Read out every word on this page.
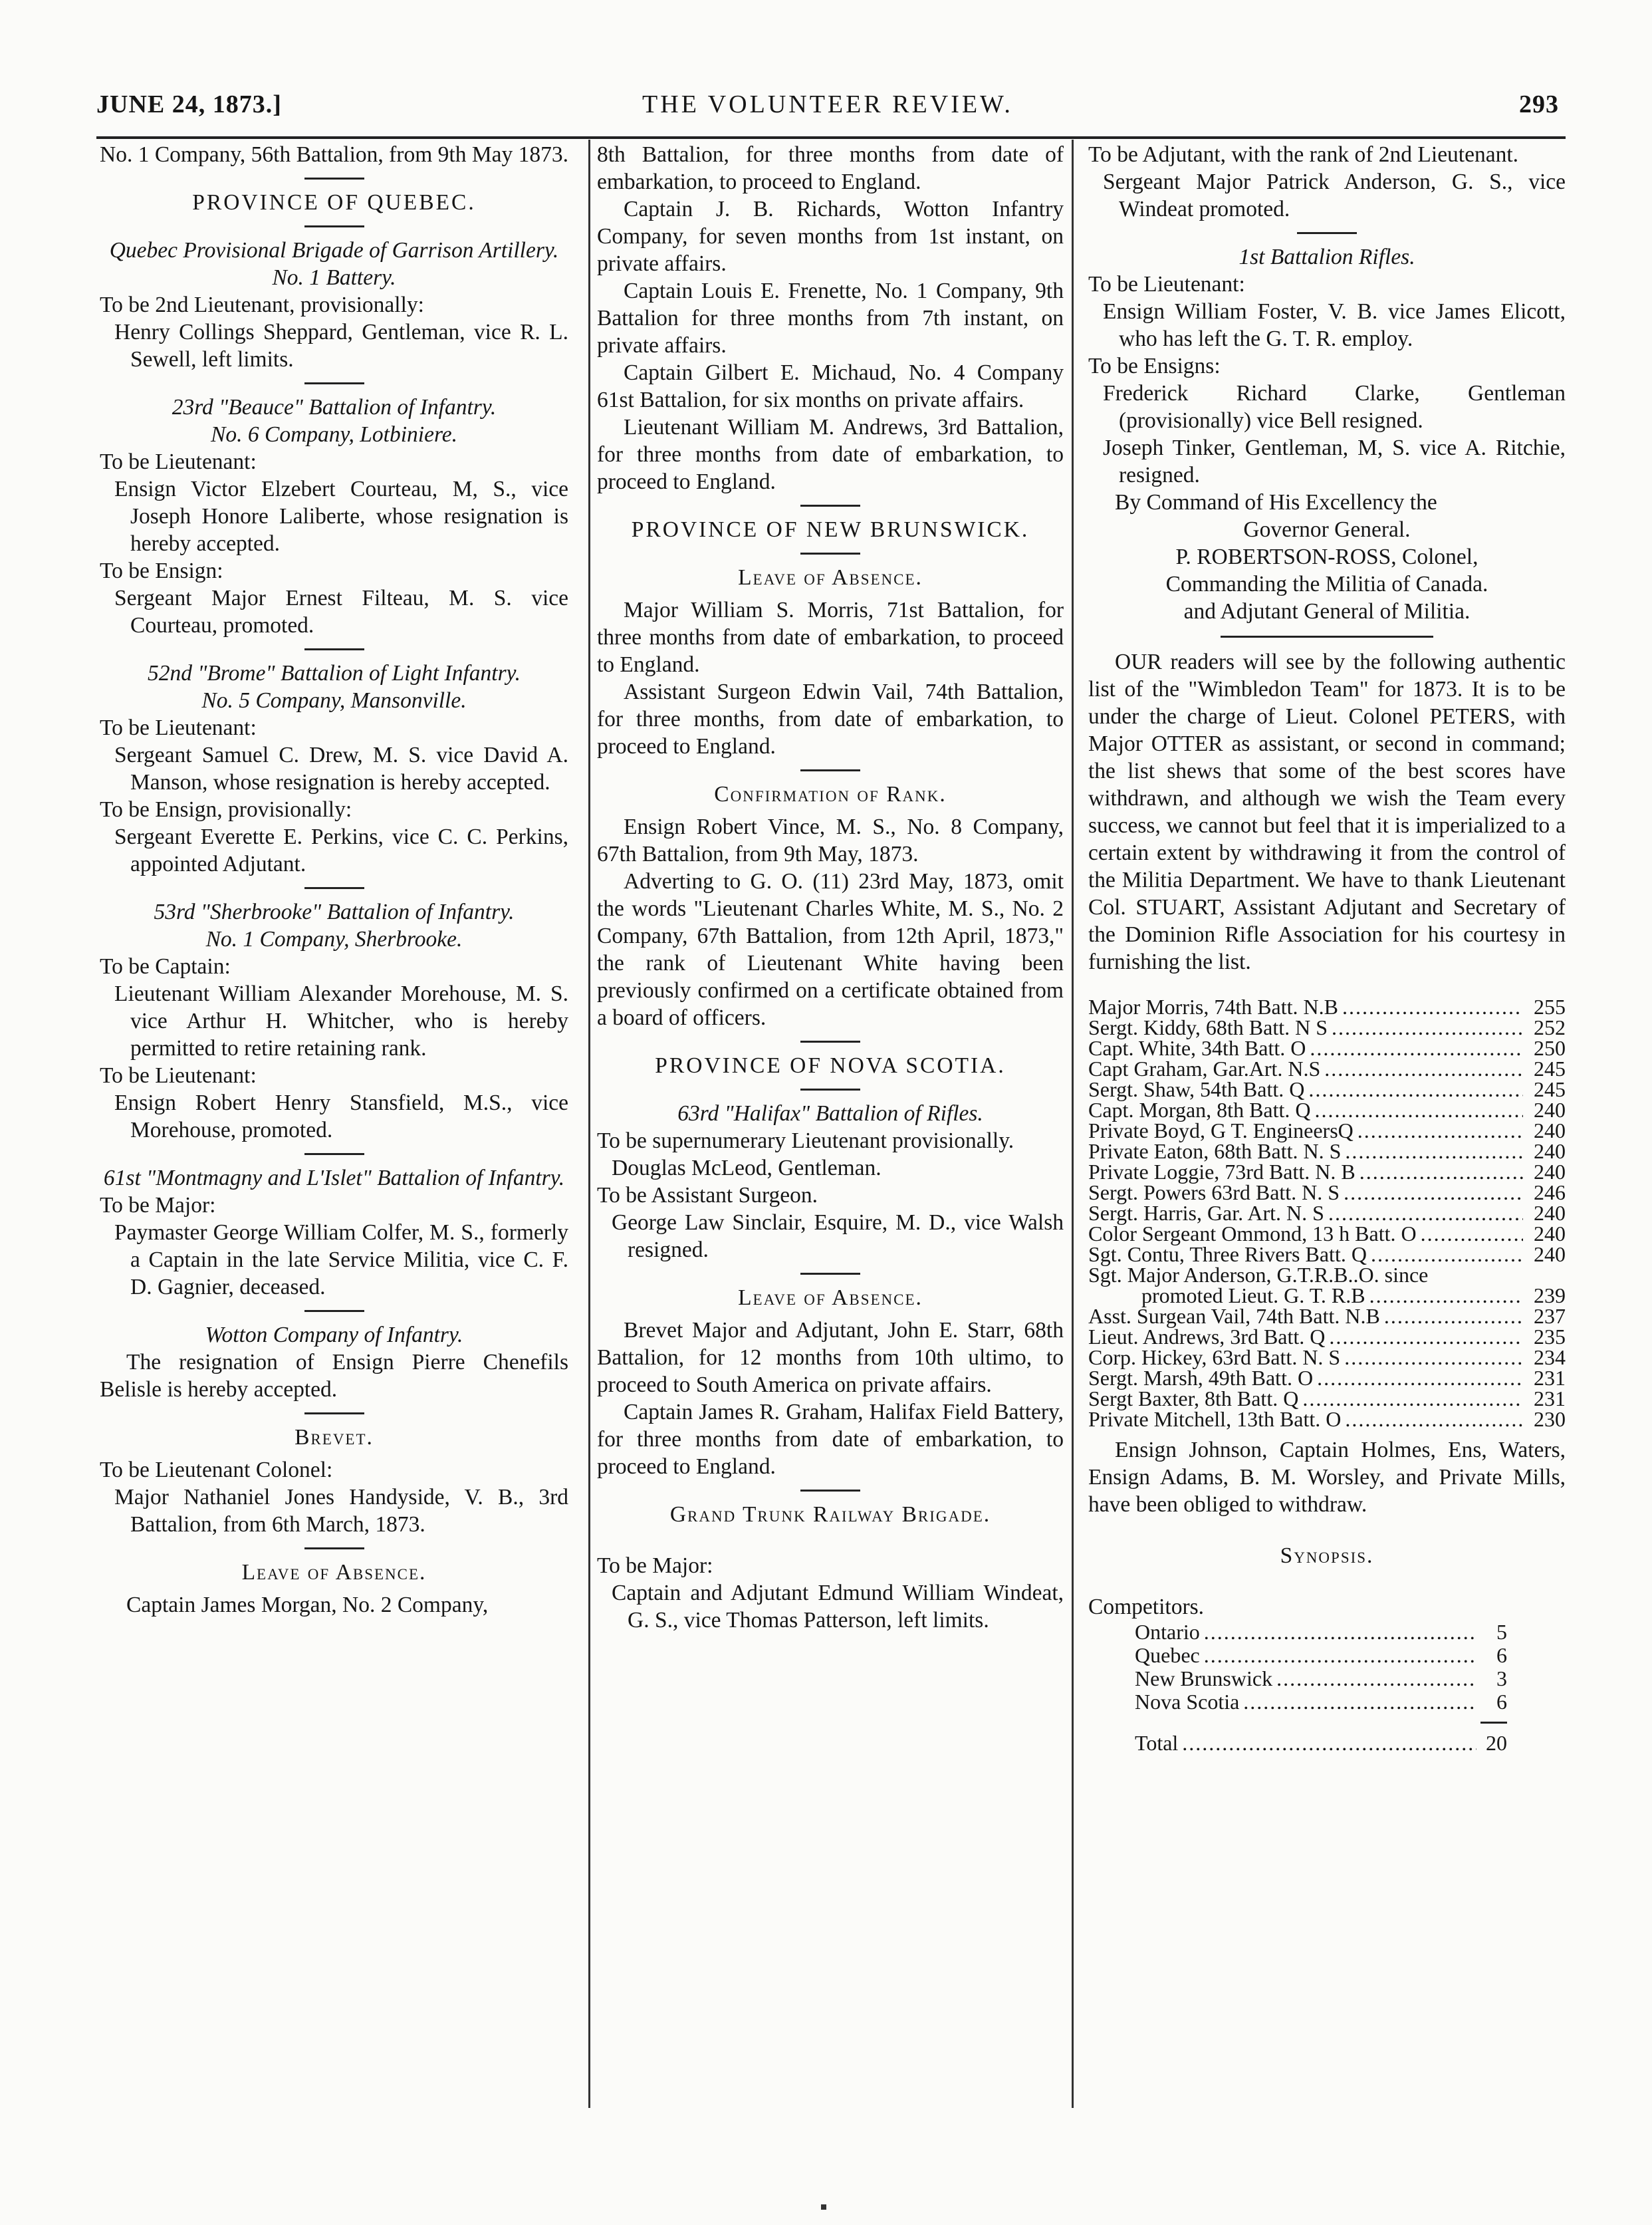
JUNE 24, 1873.]	THE VOLUNTEER REVIEW.	293

No. 1 Company, 56th Battalion, from 9th May 1873.

PROVINCE OF QUEBEC.

Quebec Provisional Brigade of Garrison Artillery.

No. 1 Battery.

To be 2nd Lieutenant, provisionally:

Henry Collings Sheppard, Gentleman, vice R. L. Sewell, left limits.

23rd "Beauce" Battalion of Infantry.

No. 6 Company, Lotbiniere.

To be Lieutenant:

Ensign Victor Elzebert Courteau, M, S., vice Joseph Honore Laliberte, whose resignation is hereby accepted.

To be Ensign:

Sergeant Major Ernest Filteau, M. S. vice Courteau, promoted.

52nd "Brome" Battalion of Light Infantry.

No. 5 Company, Mansonville.

To be Lieutenant:

Sergeant Samuel C. Drew, M. S. vice David A. Manson, whose resignation is hereby accepted.

To be Ensign, provisionally:

Sergeant Everette E. Perkins, vice C. C. Perkins, appointed Adjutant.

53rd "Sherbrooke" Battalion of Infantry.

No. 1 Company, Sherbrooke.

To be Captain:

Lieutenant William Alexander Morehouse, M. S. vice Arthur H. Whitcher, who is hereby permitted to retire retaining rank.

To be Lieutenant:

Ensign Robert Henry Stansfield, M.S., vice Morehouse, promoted.

61st "Montmagny and L'Islet" Battalion of Infantry.

To be Major:

Paymaster George William Colfer, M. S., formerly a Captain in the late Service Militia, vice C. F. D. Gagnier, deceased.

Wotton Company of Infantry.

The resignation of Ensign Pierre Chenefils Belisle is hereby accepted.

Brevet.

To be Lieutenant Colonel:

Major Nathaniel Jones Handyside, V. B., 3rd Battalion, from 6th March, 1873.

Leave of Absence.

Captain James Morgan, No. 2 Company,

8th Battalion, for three months from date of embarkation, to proceed to England.

Captain J. B. Richards, Wotton Infantry Company, for seven months from 1st instant, on private affairs.

Captain Louis E. Frenette, No. 1 Company, 9th Battalion for three months from 7th instant, on private affairs.

Captain Gilbert E. Michaud, No. 4 Company 61st Battalion, for six months on private affairs.

Lieutenant William M. Andrews, 3rd Battalion, for three months from date of embarkation, to proceed to England.

PROVINCE OF NEW BRUNSWICK.

Leave of Absence.

Major William S. Morris, 71st Battalion, for three months from date of embarkation, to proceed to England.

Assistant Surgeon Edwin Vail, 74th Battalion, for three months, from date of embarkation, to proceed to England.

Confirmation of Rank.

Ensign Robert Vince, M. S., No. 8 Company, 67th Battalion, from 9th May, 1873.

Adverting to G. O. (11) 23rd May, 1873, omit the words "Lieutenant Charles White, M. S., No. 2 Company, 67th Battalion, from 12th April, 1873," the rank of Lieutenant White having been previously confirmed on a certificate obtained from a board of officers.

PROVINCE OF NOVA SCOTIA.

63rd "Halifax" Battalion of Rifles.

To be supernumerary Lieutenant provisionally.

Douglas McLeod, Gentleman.

To be Assistant Surgeon.

George Law Sinclair, Esquire, M. D., vice Walsh resigned.

Leave of Absence.

Brevet Major and Adjutant, John E. Starr, 68th Battalion, for 12 months from 10th ultimo, to proceed to South America on private affairs.

Captain James R. Graham, Halifax Field Battery, for three months from date of embarkation, to proceed to England.

Grand Trunk Railway Brigade.

To be Major:

Captain and Adjutant Edmund William Windeat, G. S., vice Thomas Patterson, left limits.

To be Adjutant, with the rank of 2nd Lieutenant.

Sergeant Major Patrick Anderson, G. S., vice Windeat promoted.

1st Battalion Rifles.

To be Lieutenant:

Ensign William Foster, V. B. vice James Elicott, who has left the G. T. R. employ.

To be Ensigns:

Frederick Richard Clarke, Gentleman (provisionally) vice Bell resigned.

Joseph Tinker, Gentleman, M, S. vice A. Ritchie, resigned.

By Command of His Excellency the

Governor General.

P. ROBERTSON-ROSS, Colonel,

Commanding the Militia of Canada.

and Adjutant General of Militia.

OUR readers will see by the following authentic list of the "Wimbledon Team" for 1873. It is to be under the charge of Lieut. Colonel PETERS, with Major OTTER as assistant, or second in command; the list shews that some of the best scores have withdrawn, and although we wish the Team every success, we cannot but feel that it is imperialized to a certain extent by withdrawing it from the control of the Militia Department. We have to thank Lieutenant Col. STUART, Assistant Adjutant and Secretary of the Dominion Rifle Association for his courtesy in furnishing the list.

Major Morris, 74th Batt. N.B .....	255
Sergt. Kiddy, 68th Batt. N S .....	252
Capt. White, 34th Batt. O .....	250
Capt Graham, Gar.Art. N.S .....	245
Sergt. Shaw, 54th Batt. Q .....	245
Capt. Morgan, 8th Batt. Q .....	240
Private Boyd, G T. EngineersQ .....	240
Private Eaton, 68th Batt. N. S .....	240
Private Loggie, 73rd Batt. N. B .....	240
Sergt. Powers 63rd Batt. N. S .....	246
Sergt. Harris, Gar. Art. N. S .....	240
Color Sergeant Ommond, 13 h Batt. O .....	240
Sgt. Contu, Three Rivers Batt. Q .....	240
Sgt. Major Anderson, G.T.R.B..O. since
promoted Lieut. G. T. R.B .....	239
Asst. Surgean Vail, 74th Batt. N.B .....	237
Lieut. Andrews, 3rd Batt. Q .....	235
Corp. Hickey, 63rd Batt. N. S .....	234
Sergt. Marsh, 49th Batt. O .....	231
Sergt Baxter, 8th Batt. Q .....	231
Private Mitchell, 13th Batt. O .....	230

Ensign Johnson, Captain Holmes, Ens, Waters, Ensign Adams, B. M. Worsley, and Private Mills, have been obliged to withdraw.

Synopsis.

Competitors.

Ontario .....	5
Quebec .....	6
New Brunswick .....	3
Nova Scotia .....	6
Total .....	20
